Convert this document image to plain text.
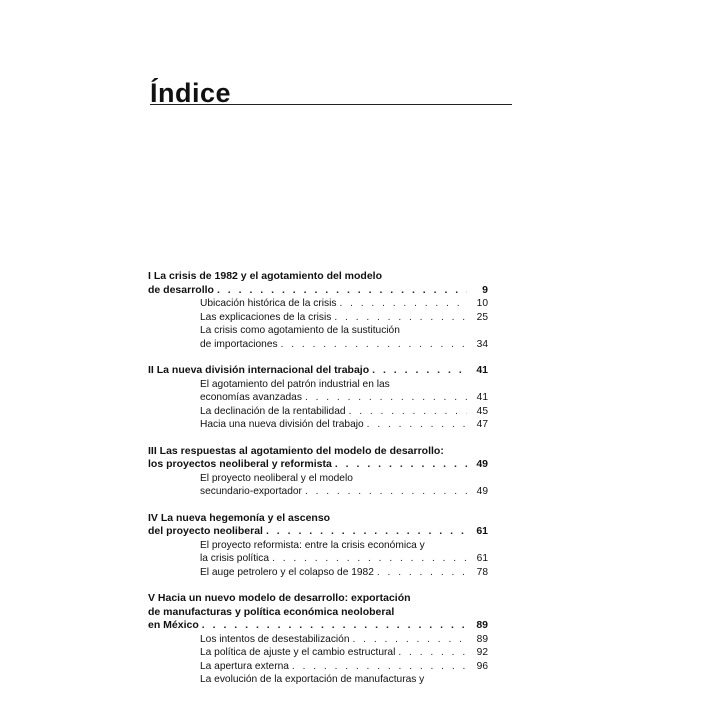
Índice
I La crisis de 1982 y el agotamiento del modelo
de desarrollo . . .	9
Ubicación histórica de la crisis . . .	10
Las explicaciones de la crisis . . .	25
La crisis como agotamiento de la sustitución
de importaciones . . .	34
II La nueva división internacional del trabajo . . .	41
El agotamiento del patrón industrial en las
economías avanzadas . . .	41
La declinación de la rentabilidad . . .	45
Hacia una nueva división del trabajo . . .	47
III Las respuestas al agotamiento del modelo de desarrollo:
los proyectos neoliberal y reformista . . .	49
El proyecto neoliberal y el modelo
secundario-exportador . . .	49
IV La nueva hegemonía y el ascenso
del proyecto neoliberal . . .	61
El proyecto reformista: entre la crisis económica y
la crisis política . . .	61
El auge petrolero y el colapso de 1982 . . .	78
V Hacia un nuevo modelo de desarrollo: exportación
de manufacturas y política económica neoloberal
en México . . .	89
Los intentos de desestabilización . . .	89
La política de ajuste y el cambio estructural . . .	92
La apertura externa . . .	96
La evolución de la exportación de manufacturas y
